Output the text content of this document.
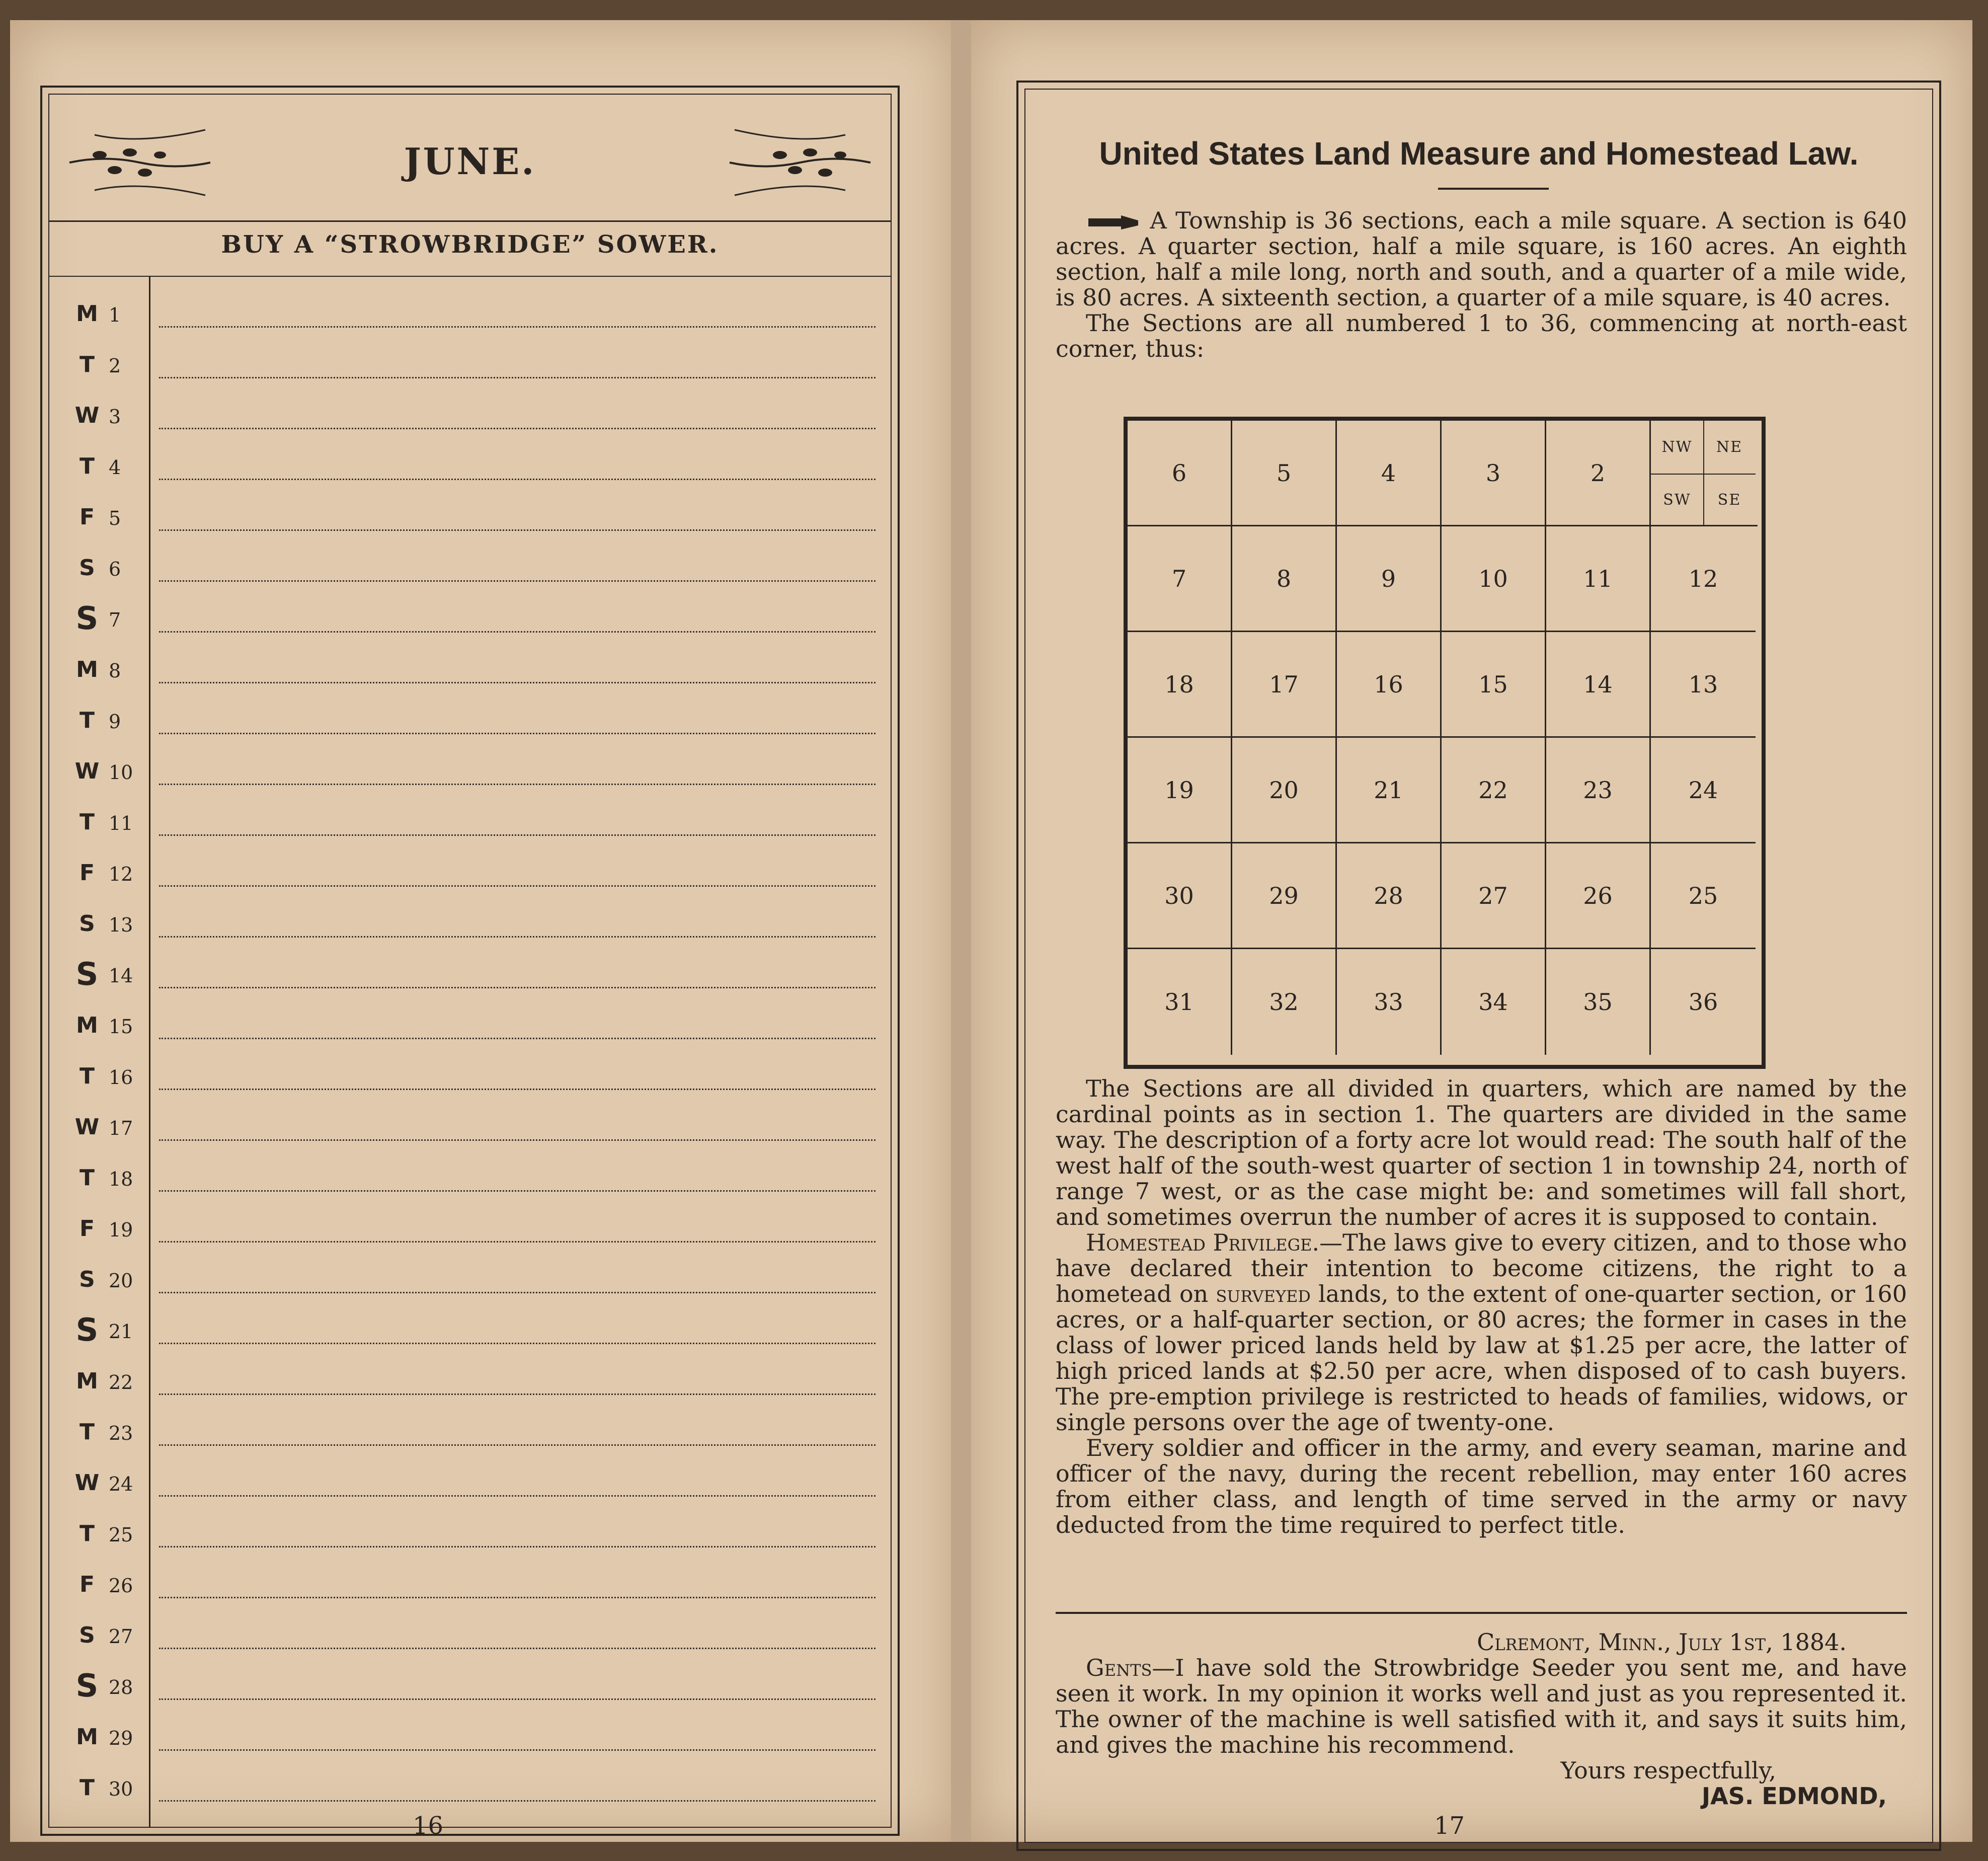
JUNE.
BUY A “STROWBRIDGE” SOWER.
M 1
T 2
W 3
T 4
F 5
S 6
S 7
M 8
T 9
W 10
T 11
F 12
S 13
S 14
M 15
T 16
W 17
T 18
F 19
S 20
S 21
M 22
T 23
W 24
T 25
F 26
S 27
S 28
M 29
T 30
16
United States Land Measure and Homestead Law.

A Township is 36 sections, each a mile square. A section is 640 acres. A quarter section, half a mile square, is 160 acres. An eighth section, half a mile long, north and south, and a quarter of a mile wide, is 80 acres. A sixteenth section, a quarter of a mile square, is 40 acres.

The Sections are all numbered 1 to 36, commencing at north-east corner, thus:

6	5	4	3	2
NW	NE
SW	SE
7	8	9	10	11	12
18	17	16	15	14	13
19	20	21	22	23	24
30	29	28	27	26	25
31	32	33	34	35	36

The Sections are all divided in quarters, which are named by the cardinal points as in section 1. The quarters are divided in the same way. The description of a forty acre lot would read: The south half of the west half of the south-west quarter of section 1 in township 24, north of range 7 west, or as the case might be: and sometimes will fall short, and sometimes overrun the number of acres it is supposed to contain.

Homestead Privilege.—The laws give to every citizen, and to those who have declared their intention to become citizens, the right to a hometead on surveyed lands, to the extent of one-quarter section, or 160 acres, or a half-quarter section, or 80 acres; the former in cases in the class of lower priced lands held by law at $1.25 per acre, the latter of high priced lands at $2.50 per acre, when disposed of to cash buyers. The pre-emption privilege is restricted to heads of families, widows, or single persons over the age of twenty-one.

Every soldier and officer in the army, and every seaman, marine and officer of the navy, during the recent rebellion, may enter 160 acres from either class, and length of time served in the army or navy deducted from the time required to perfect title.

Clremont, Minn., July 1st, 1884.

Gents—I have sold the Strowbridge Seeder you sent me, and have seen it work. In my opinion it works well and just as you represented it. The owner of the machine is well satisfied with it, and says it suits him, and gives the machine his recommend.

Yours respectfully,
JAS. EDMOND,
17
